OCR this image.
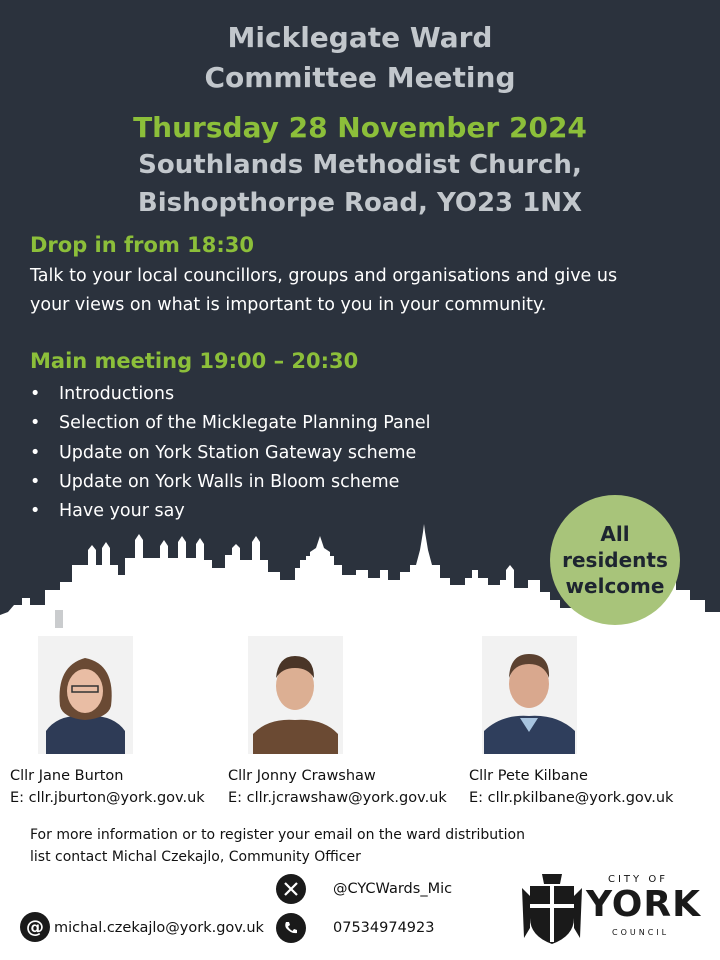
Micklegate Ward
Committee Meeting
Thursday 28 November 2024
Southlands Methodist Church,
Bishopthorpe Road, YO23 1NX
Drop in from 18:30
Talk to your local councillors, groups and organisations and give us
your views on what is important to you in your community.
Main meeting 19:00 – 20:30
•	Introductions
•	Selection of the Micklegate Planning Panel
•	Update on York Station Gateway scheme
•	Update on York Walls in Bloom scheme
•	Have your say
All
residents
welcome
Cllr Jane Burton
E: cllr.jburton@york.gov.uk
Cllr Jonny Crawshaw
E: cllr.jcrawshaw@york.gov.uk
Cllr Pete Kilbane
E: cllr.pkilbane@york.gov.uk
For more information or to register your email on the ward distribution
list contact Michal Czekajlo, Community Officer
@CYCWards_Mic
@ michal.czekajlo@york.gov.uk	07534974923
CITY OF
YORK
COUNCIL
